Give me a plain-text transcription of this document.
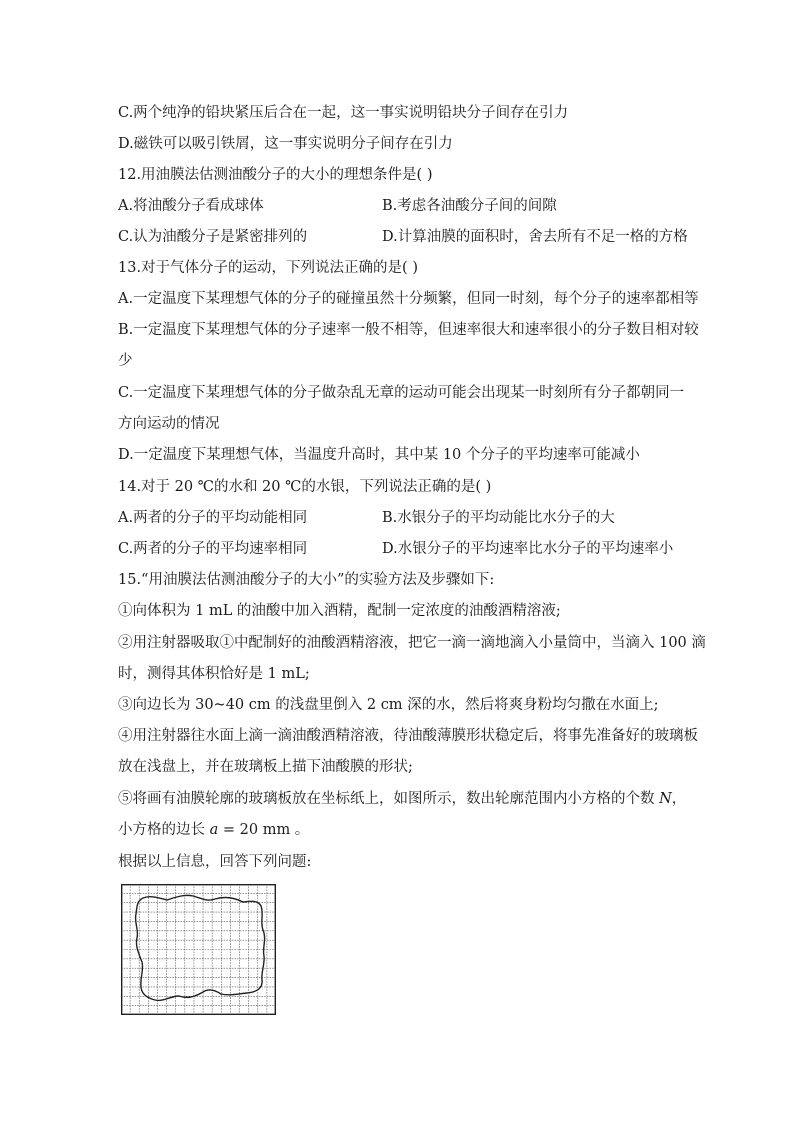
C.两个纯净的铅块紧压后合在一起，这一事实说明铅块分子间存在引力
D.磁铁可以吸引铁屑，这一事实说明分子间存在引力
12.用油膜法估测油酸分子的大小的理想条件是( )
A.将油酸分子看成球体	B.考虑各油酸分子间的间隙
C.认为油酸分子是紧密排列的	D.计算油膜的面积时，舍去所有不足一格的方格
13.对于气体分子的运动，下列说法正确的是( )
A.一定温度下某理想气体的分子的碰撞虽然十分频繁，但同一时刻，每个分子的速率都相等
B.一定温度下某理想气体的分子速率一般不相等，但速率很大和速率很小的分子数目相对较
少
C.一定温度下某理想气体的分子做杂乱无章的运动可能会出现某一时刻所有分子都朝同一
方向运动的情况
D.一定温度下某理想气体，当温度升高时，其中某 10 个分子的平均速率可能减小
14.对于 20 ℃的水和 20 ℃的水银，下列说法正确的是( )
A.两者的分子的平均动能相同	B.水银分子的平均动能比水分子的大
C.两者的分子的平均速率相同	D.水银分子的平均速率比水分子的平均速率小
15.“用油膜法估测油酸分子的大小”的实验方法及步骤如下:
①向体积为 1 mL 的油酸中加入酒精，配制一定浓度的油酸酒精溶液;
②用注射器吸取①中配制好的油酸酒精溶液，把它一滴一滴地滴入小量筒中，当滴入 100 滴
时，测得其体积恰好是 1 mL;
③向边长为 30~40 cm 的浅盘里倒入 2 cm 深的水，然后将爽身粉均匀撒在水面上;
④用注射器往水面上滴一滴油酸酒精溶液，待油酸薄膜形状稳定后，将事先准备好的玻璃板
放在浅盘上，并在玻璃板上描下油酸膜的形状;
⑤将画有油膜轮廓的玻璃板放在坐标纸上，如图所示，数出轮廓范围内小方格的个数 N，
小方格的边长 a = 20 mm 。
根据以上信息，回答下列问题:
